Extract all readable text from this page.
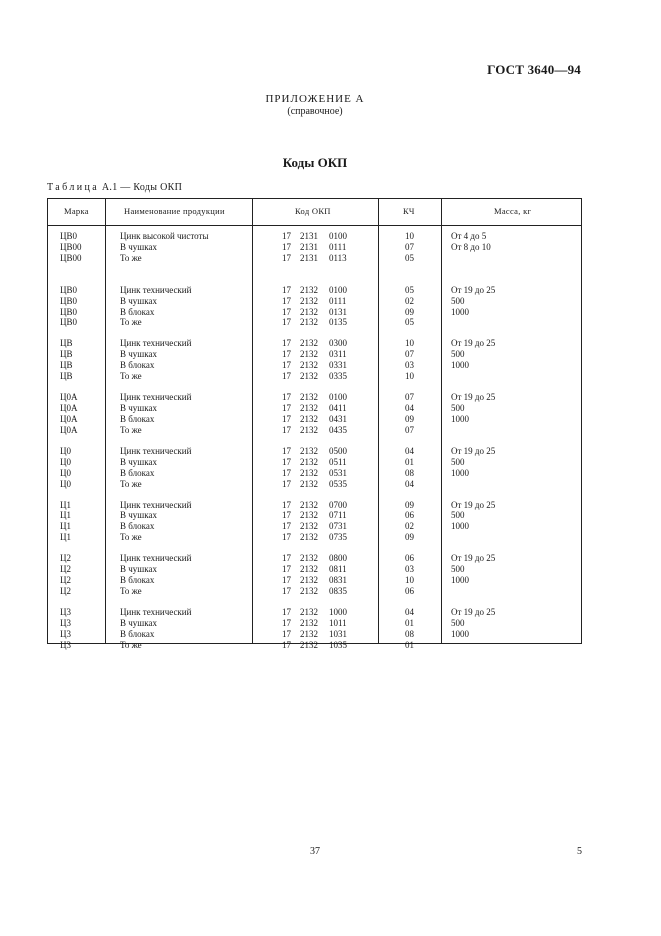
ГОСТ 3640—94
ПРИЛОЖЕНИЕ А
(справочное)
Коды ОКП
Таблица А.1 — Коды ОКП
Марка	Наименование продукции	Код ОКП	КЧ	Масса, кг
ЦВ0	Цинк высокой чистоты	17 2131 0100	10	От 4 до 5
ЦВ00	В чушках	17 2131 0111	07	От 8 до 10
ЦВ00	То же	17 2131 0113	05
ЦВ0	Цинк технический	17 2132 0100	05	От 19 до 25
ЦВ0	В чушках	17 2132 0111	02	500
ЦВ0	В блоках	17 2132 0131	09	1000
ЦВ0	То же	17 2132 0135	05
ЦВ	Цинк технический	17 2132 0300	10	От 19 до 25
ЦВ	В чушках	17 2132 0311	07	500
ЦВ	В блоках	17 2132 0331	03	1000
ЦВ	То же	17 2132 0335	10
Ц0А	Цинк технический	17 2132 0100	07	От 19 до 25
Ц0А	В чушках	17 2132 0411	04	500
Ц0А	В блоках	17 2132 0431	09	1000
Ц0А	То же	17 2132 0435	07
Ц0	Цинк технический	17 2132 0500	04	От 19 до 25
Ц0	В чушках	17 2132 0511	01	500
Ц0	В блоках	17 2132 0531	08	1000
Ц0	То же	17 2132 0535	04
Ц1	Цинк технический	17 2132 0700	09	От 19 до 25
Ц1	В чушках	17 2132 0711	06	500
Ц1	В блоках	17 2132 0731	02	1000
Ц1	То же	17 2132 0735	09
Ц2	Цинк технический	17 2132 0800	06	От 19 до 25
Ц2	В чушках	17 2132 0811	03	500
Ц2	В блоках	17 2132 0831	10	1000
Ц2	То же	17 2132 0835	06
Ц3	Цинк технический	17 2132 1000	04	От 19 до 25
Ц3	В чушках	17 2132 1011	01	500
Ц3	В блоках	17 2132 1031	08	1000
Ц3	То же	17 2132 1035	01
37	5
